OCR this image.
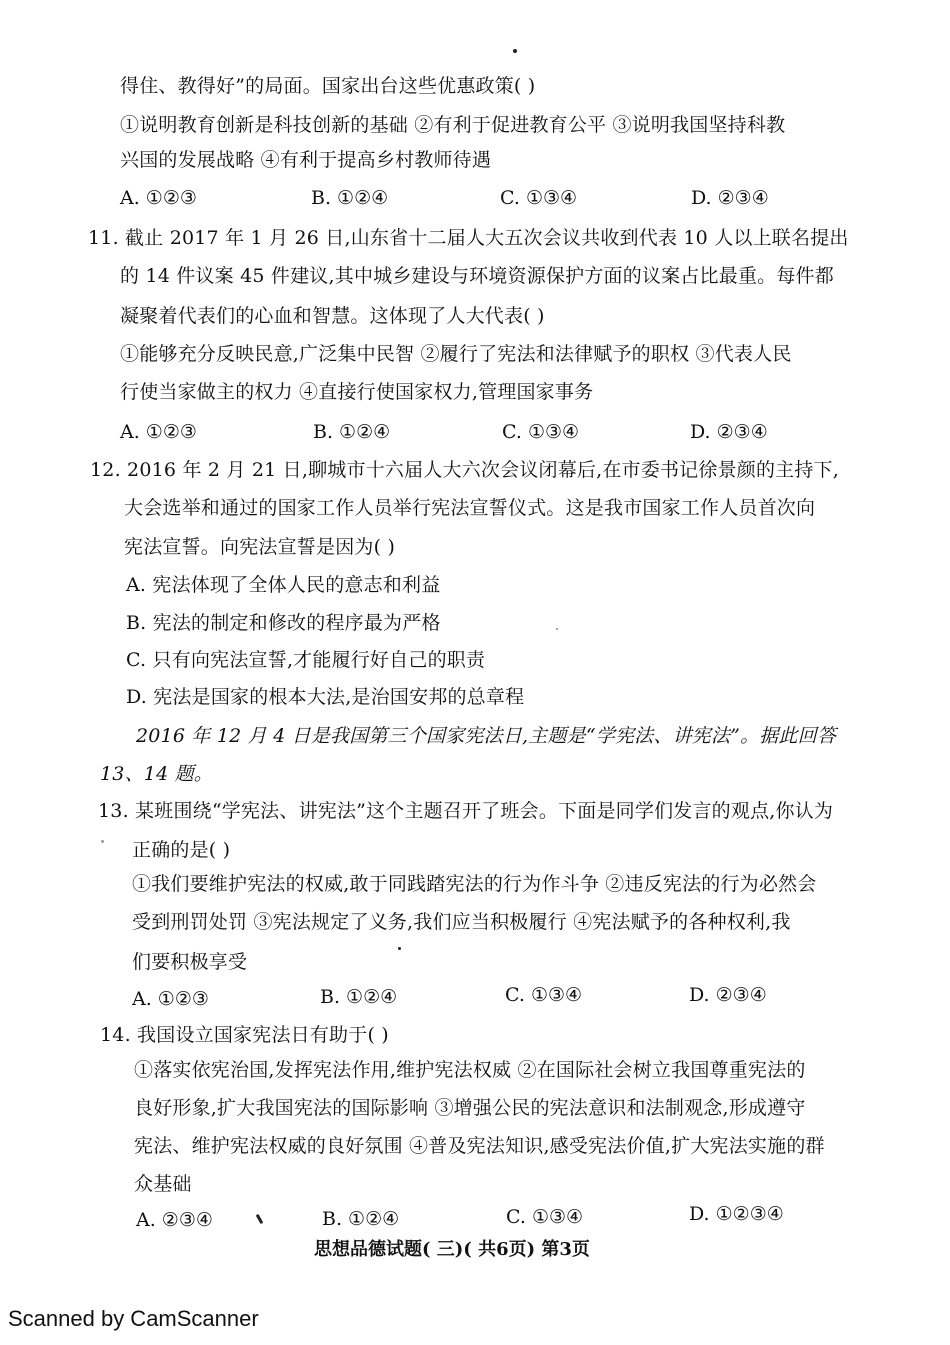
得住、教得好”的局面。国家出台这些优惠政策( )
①说明教育创新是科技创新的基础 ②有利于促进教育公平 ③说明我国坚持科教
兴国的发展战略 ④有利于提高乡村教师待遇
A. ①②③	B. ①②④	C. ①③④	D. ②③④
11. 截止 2017 年 1 月 26 日,山东省十二届人大五次会议共收到代表 10 人以上联名提出
的 14 件议案 45 件建议,其中城乡建设与环境资源保护方面的议案占比最重。每件都
凝聚着代表们的心血和智慧。这体现了人大代表( )
①能够充分反映民意,广泛集中民智 ②履行了宪法和法律赋予的职权 ③代表人民
行使当家做主的权力 ④直接行使国家权力,管理国家事务
A. ①②③	B. ①②④	C. ①③④	D. ②③④
12. 2016 年 2 月 21 日,聊城市十六届人大六次会议闭幕后,在市委书记徐景颜的主持下,
大会选举和通过的国家工作人员举行宪法宣誓仪式。这是我市国家工作人员首次向
宪法宣誓。向宪法宣誓是因为( )
A. 宪法体现了全体人民的意志和利益
B. 宪法的制定和修改的程序最为严格
C. 只有向宪法宣誓,才能履行好自己的职责
D. 宪法是国家的根本大法,是治国安邦的总章程
2016 年 12 月 4 日是我国第三个国家宪法日,主题是“学宪法、讲宪法”。据此回答
13、14 题。
13. 某班围绕“学宪法、讲宪法”这个主题召开了班会。下面是同学们发言的观点,你认为
正确的是( )
①我们要维护宪法的权威,敢于同践踏宪法的行为作斗争 ②违反宪法的行为必然会
受到刑罚处罚 ③宪法规定了义务,我们应当积极履行 ④宪法赋予的各种权利,我
们要积极享受
A. ①②③	B. ①②④	C. ①③④	D. ②③④
14. 我国设立国家宪法日有助于( )
①落实依宪治国,发挥宪法作用,维护宪法权威 ②在国际社会树立我国尊重宪法的
良好形象,扩大我国宪法的国际影响 ③增强公民的宪法意识和法制观念,形成遵守
宪法、维护宪法权威的良好氛围 ④普及宪法知识,感受宪法价值,扩大宪法实施的群
众基础
A. ②③④	B. ①②④	C. ①③④	D. ①②③④
思想品德试题( 三)( 共6页) 第3页
Scanned by CamScanner
